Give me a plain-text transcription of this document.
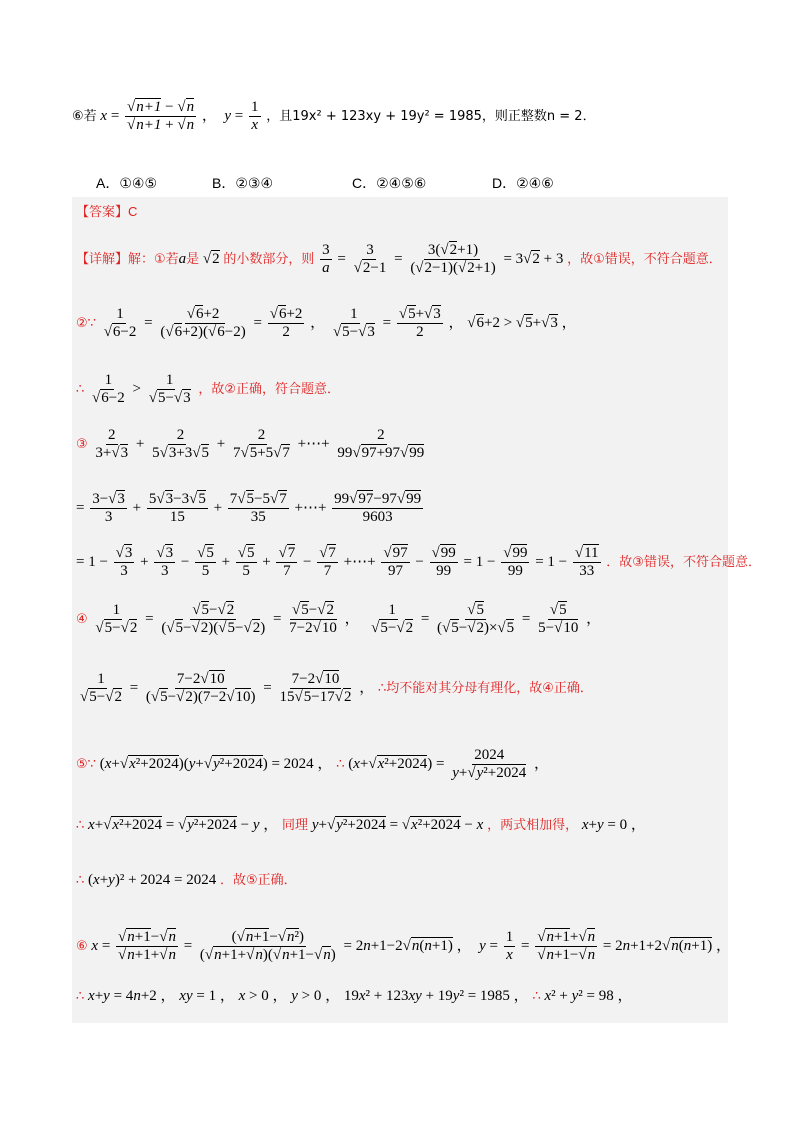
⑥若 $x = \frac{√n+1 - √n}{√n+1 + √n}$ ，  $y = \frac{1}{x}$ ，且19x² + 123xy + 19y² = 1985，则正整数n = 2．
A．①④⑤	B．②③④	C．②④⑤⑥	D．②④⑥
【答案】C
【详解】解：①若a是 √2 的小数部分，则 $\frac{3}{a} = \frac{3}{√2-1} = \frac{3(√2+1)}{(√2-1)(√2+1)} = 3√2 + 3$ ，故①错误，不符合题意．
②∵ $\frac{1}{√6-2} = \frac{√6+2}{(√6+2)(√6-2)} = \frac{√6+2}{2}$ ， $\frac{1}{√5-√3} = \frac{√5+√3}{2}$ ， √6+2 > √5+√3 ，
∴ $\frac{1}{√6-2} > \frac{1}{√5-√3}$ ，故②正确，符合题意．
③ $\frac{2}{3+√3} + \frac{2}{5√3+3√5} + \frac{2}{7√5+5√7}$ +⋯+ $\frac{2}{99√97+97√99}$
= $\frac{3-√3}{3} + \frac{5√3-3√5}{15} + \frac{7√5-5√7}{35}$ +⋯+ $\frac{99√97-97√99}{9603}$
= $1 - \frac{√3}{3} + \frac{√3}{3} - \frac{√5}{5} + \frac{√5}{5} + \frac{√7}{7} - \frac{√7}{7}$ +⋯+ $\frac{√97}{97} - \frac{√99}{99} = 1 - \frac{√99}{99} = 1 - \frac{√11}{33}$ ．故③错误，不符合题意．
④ $\frac{1}{√5-√2} = \frac{√5-√2}{(√5-√2)(√5-√2)} = \frac{√5-√2}{7-2√10}$ ， $\frac{1}{√5-√2} = \frac{√5}{(√5-√2)\times√5} = \frac{√5}{5-√10}$ ，
$\frac{1}{√5-√2} = \frac{7-2√10}{(√5-√2)(7-2√10)} = \frac{7-2√10}{15√5-17√2}$ ， ∴均不能对其分母有理化，故④正确．
⑤∵ (x+√x²+2024)(y+√y²+2024) = 2024 ， ∴ $(x+√x^2+2024) = \frac{2024}{\text{y+√y²+2024}}$ ，
∴ x+√x²+2024 = √y²+2024 − y ， 同理 y+√y²+2024 = √x²+2024 − x ，两式相加得， x+y = 0 ，
∴ (x+y)² + 2024 = 2024 ．故⑤正确．
⑥ $x = \frac{√n+1-√n}{√n+1+√n} = \frac{\text{(√n+1−√n²)}}{(√n+1+√n)(√n+1-√n)} = 2n+1-2√n(n+1)$ ，  $y = \frac{1}{x} = \frac{√n+1+√n}{√n+1-√n} = 2n+1+2√n(n+1)$ ，
∴ x+y = 4n+2 ， xy = 1 ， x > 0 ， y > 0 ， 19x² + 123xy + 19y² = 1985 ， ∴ x² + y² = 98 ，
